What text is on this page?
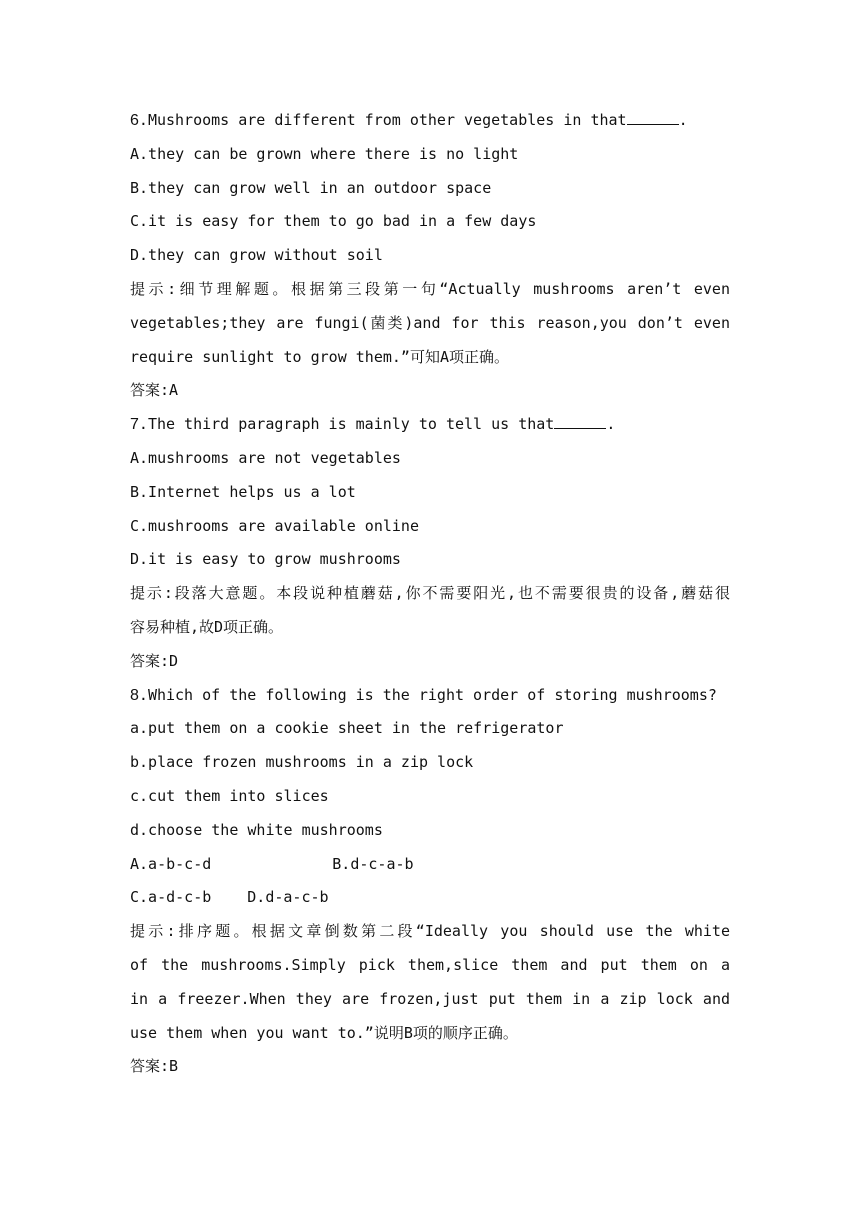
6.Mushrooms are different from other vegetables in that	.
A.they can be grown where there is no light
B.they can grow well in an outdoor space
C.it is easy for them to go bad in a few days
D.they can grow without soil
提示:细节理解题。根据第三段第一句“Actually mushrooms aren’t even
vegetables;they are fungi(菌类)and for this reason,you don’t even
require sunlight to grow them.”可知A项正确。
答案:A
7.The third paragraph is mainly to tell us that	.
A.mushrooms are not vegetables
B.Internet helps us a lot
C.mushrooms are available online
D.it is easy to grow mushrooms
提示:段落大意题。本段说种植蘑菇,你不需要阳光,也不需要很贵的设备,蘑菇很
容易种植,故D项正确。
答案:D
8.Which of the following is the right order of storing mushrooms?
a.put them on a cookie sheet in the refrigerator
b.place frozen mushrooms in a zip lock
c.cut them into slices
d.choose the white mushrooms
A.a-b-c-d	B.d-c-a-b
C.a-d-c-b D.d-a-c-b
提示:排序题。根据文章倒数第二段“Ideally you should use the white
of the mushrooms.Simply pick them,slice them and put them on a
in a freezer.When they are frozen,just put them in a zip lock and
use them when you want to.”说明B项的顺序正确。
答案:B
